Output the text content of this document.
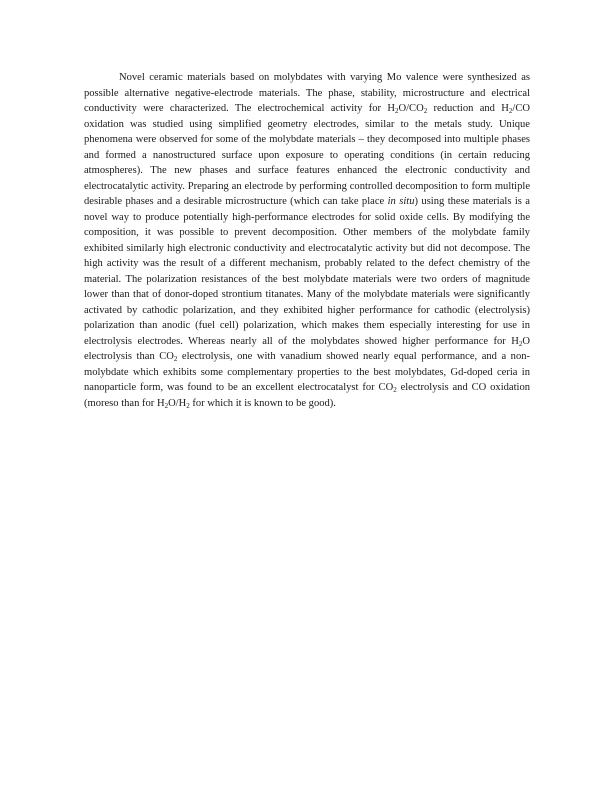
Novel ceramic materials based on molybdates with varying Mo valence were synthesized as possible alternative negative-electrode materials. The phase, stability, microstructure and electrical conductivity were characterized. The electrochemical activity for $H_2O/CO_2$ reduction and $H_2/CO$ oxidation was studied using simplified geometry electrodes, similar to the metals study. Unique phenomena were observed for some of the molybdate materials – they decomposed into multiple phases and formed a nanostructured surface upon exposure to operating conditions (in certain reducing atmospheres). The new phases and surface features enhanced the electronic conductivity and electrocatalytic activity. Preparing an electrode by performing controlled decomposition to form multiple desirable phases and a desirable microstructure (which can take place in situ) using these materials is a novel way to produce potentially high-performance electrodes for solid oxide cells. By modifying the composition, it was possible to prevent decomposition. Other members of the molybdate family exhibited similarly high electronic conductivity and electrocatalytic activity but did not decompose. The high activity was the result of a different mechanism, probably related to the defect chemistry of the material. The polarization resistances of the best molybdate materials were two orders of magnitude lower than that of donor-doped strontium titanates. Many of the molybdate materials were significantly activated by cathodic polarization, and they exhibited higher performance for cathodic (electrolysis) polarization than anodic (fuel cell) polarization, which makes them especially interesting for use in electrolysis electrodes. Whereas nearly all of the molybdates showed higher performance for $H_2O$ electrolysis than $CO_2$ electrolysis, one with vanadium showed nearly equal performance, and a non-molybdate which exhibits some complementary properties to the best molybdates, Gd-doped ceria in nanoparticle form, was found to be an excellent electrocatalyst for $CO_2$ electrolysis and CO oxidation (moreso than for $H_2O/H_2$ for which it is known to be good).
